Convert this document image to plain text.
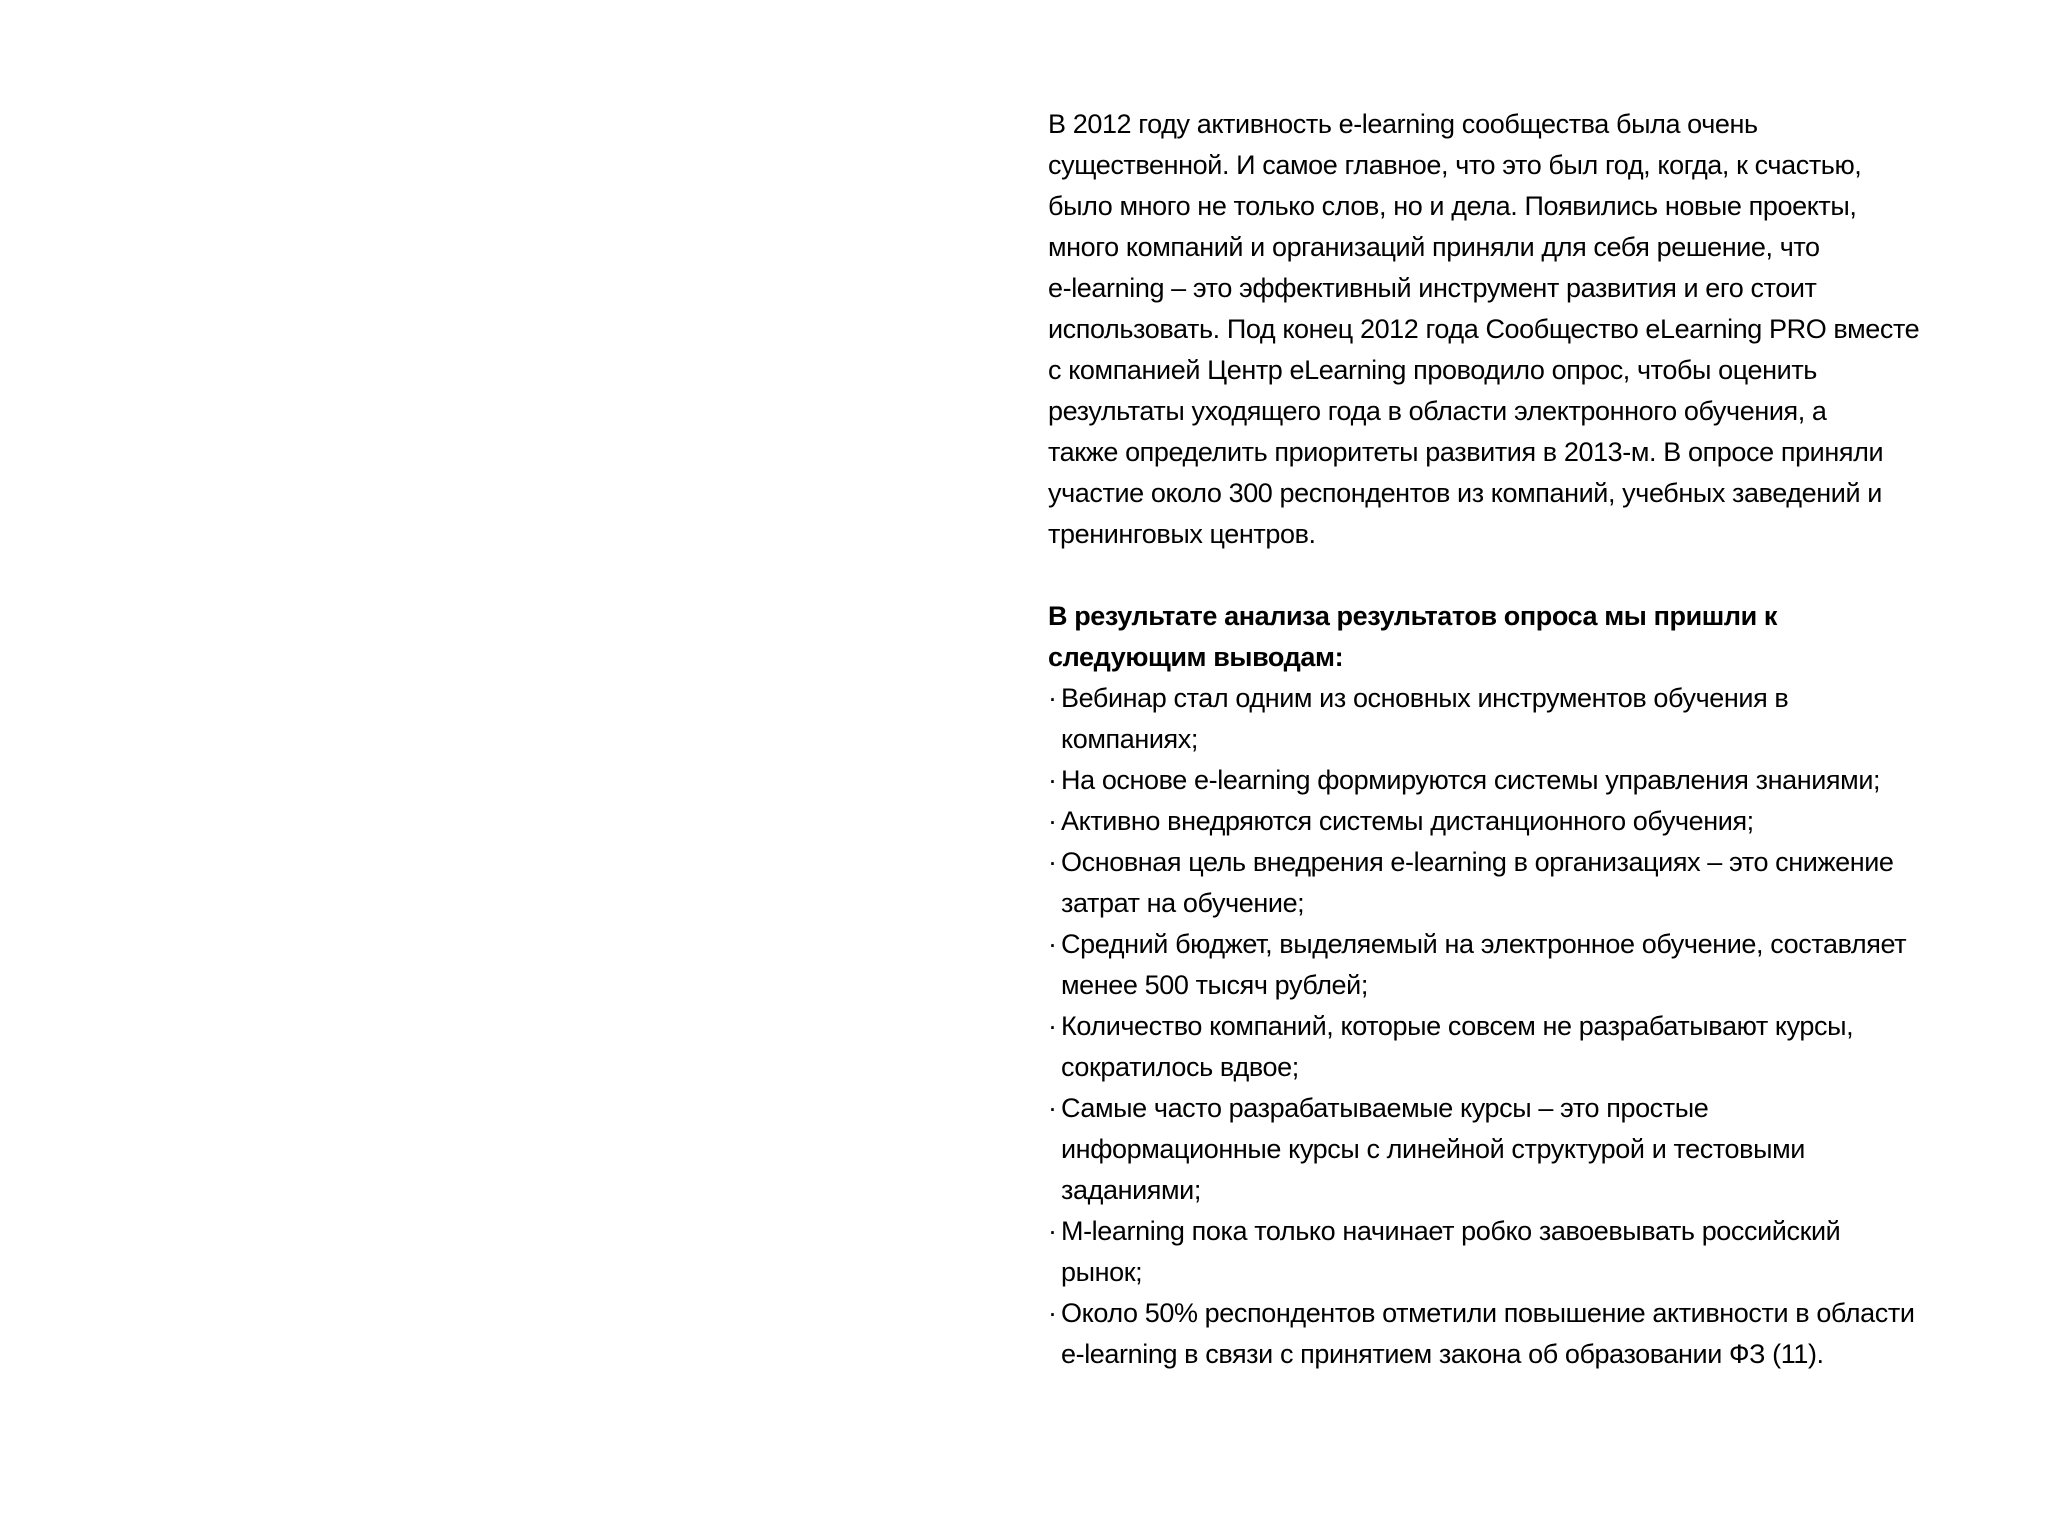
В 2012 году активность e-learning сообщества была очень
существенной. И самое главное, что это был год, когда, к счастью,
было много не только слов, но и дела. Появились новые проекты,
много компаний и организаций приняли для себя решение, что
e-learning – это эффективный инструмент развития и его стоит
использовать. Под конец 2012 года Сообщество eLearning PRO вместе
с компанией Центр eLearning проводило опрос, чтобы оценить
результаты уходящего года в области электронного обучения, а
также определить приоритеты развития в 2013-м. В опросе приняли
участие около 300 респондентов из компаний, учебных заведений и
тренинговых центров.

В результате анализа результатов опроса мы пришли к
следующим выводам:

· Вебинар стал одним из основных инструментов обучения в
компаниях;
· На основе e-learning формируются системы управления знаниями;
· Активно внедряются системы дистанционного обучения;
· Основная цель внедрения e-learning в организациях – это снижение
затрат на обучение;
· Средний бюджет, выделяемый на электронное обучение, составляет
менее 500 тысяч рублей;
· Количество компаний, которые совсем не разрабатывают курсы,
сократилось вдвое;
· Самые часто разрабатываемые курсы – это простые
информационные курсы с линейной структурой и тестовыми
заданиями;
· M-learning пока только начинает робко завоевывать российский
рынок;
· Около 50% респондентов отметили повышение активности в области
e-learning в связи с принятием закона об образовании ФЗ (11).
